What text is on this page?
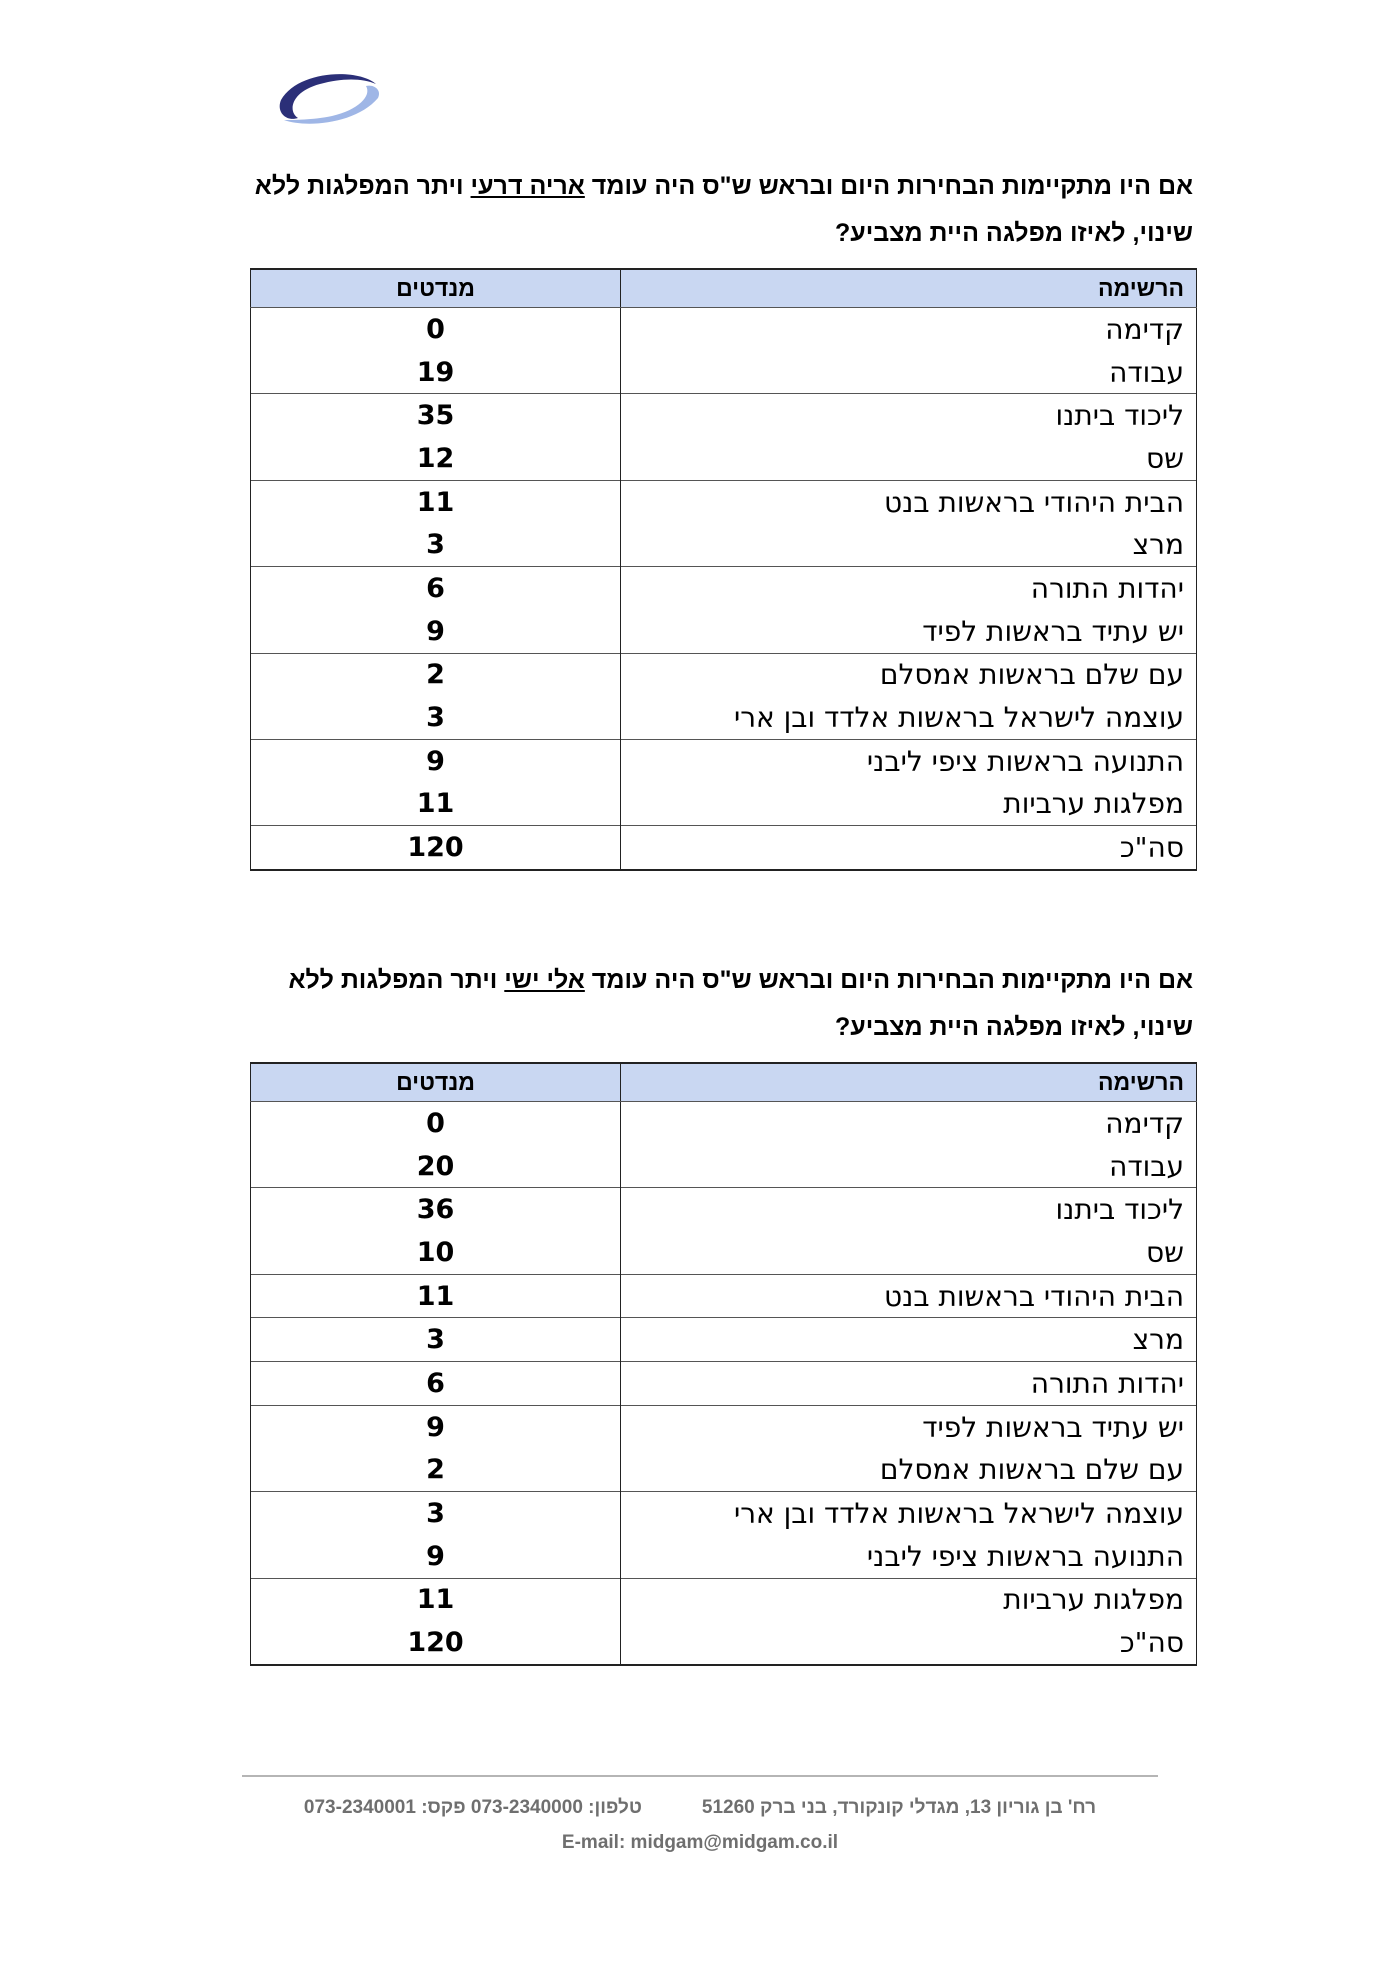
אם היו מתקיימות הבחירות היום ובראש ש"ס היה עומד אריה דרעי ויתר המפלגות ללא שינוי, לאיזו מפלגה היית מצביע?
הרשימה	מנדטים
קדימה	0
עבודה	19
ליכוד ביתנו	35
שס	12
הבית היהודי בראשות בנט	11
מרצ	3
יהדות התורה	6
יש עתיד בראשות לפיד	9
עם שלם בראשות אמסלם	2
עוצמה לישראל בראשות אלדד ובן ארי	3
התנועה בראשות ציפי ליבני	9
מפלגות ערביות	11
סה"כ	120
אם היו מתקיימות הבחירות היום ובראש ש"ס היה עומד אלי ישי ויתר המפלגות ללא שינוי, לאיזו מפלגה היית מצביע?
הרשימה	מנדטים
קדימה	0
עבודה	20
ליכוד ביתנו	36
שס	10
הבית היהודי בראשות בנט	11
מרצ	3
יהדות התורה	6
יש עתיד בראשות לפיד	9
עם שלם בראשות אמסלם	2
עוצמה לישראל בראשות אלדד ובן ארי	3
התנועה בראשות ציפי ליבני	9
מפלגות ערביות	11
סה"כ	120
רח' בן גוריון 13, מגדלי קונקורד, בני ברק 51260טלפון: 073-2340000 פקס: 073-2340001
E-mail: midgam@midgam.co.il
